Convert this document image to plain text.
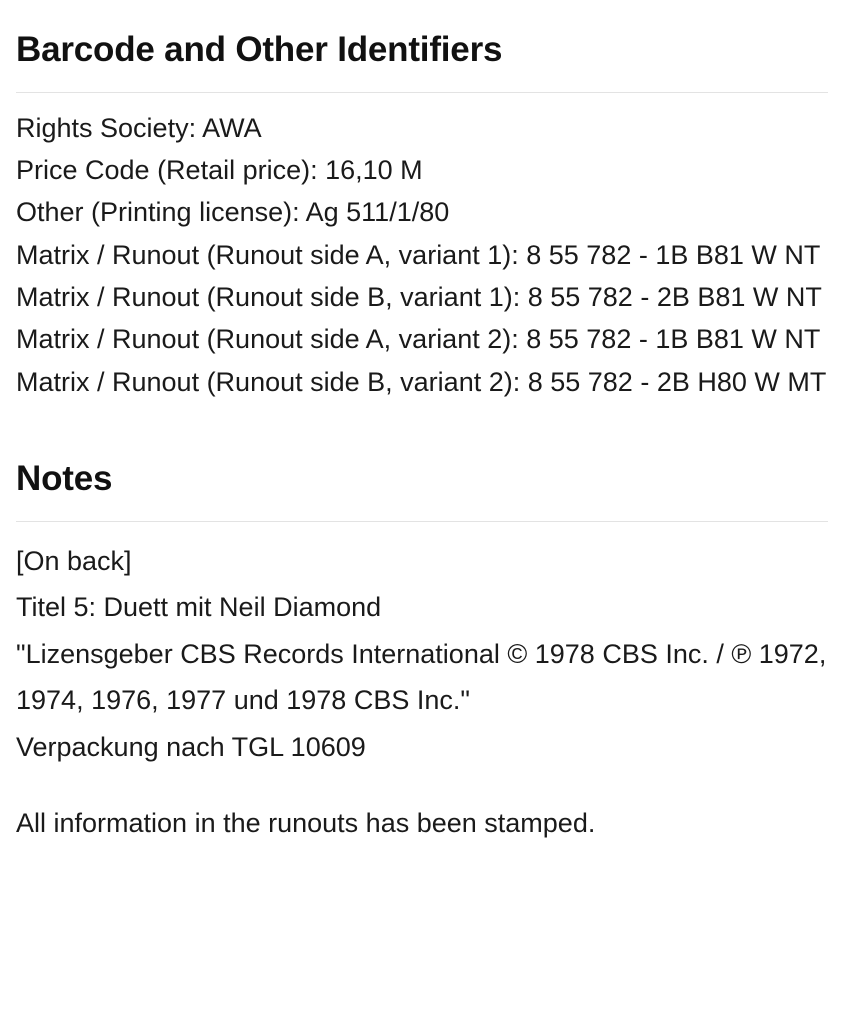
Barcode and Other Identifiers
Rights Society: AWA
Price Code (Retail price): 16,10 M
Other (Printing license): Ag 511/1/80
Matrix / Runout (Runout side A, variant 1): 8 55 782 - 1B B81 W NT
Matrix / Runout (Runout side B, variant 1): 8 55 782 - 2B B81 W NT
Matrix / Runout (Runout side A, variant 2): 8 55 782 - 1B B81 W NT
Matrix / Runout (Runout side B, variant 2): 8 55 782 - 2B H80 W MT
Notes

[On back]

Titel 5: Duett mit Neil Diamond

"Lizensgeber CBS Records International © 1978 CBS Inc. / ℗ 1972, 1974, 1976, 1977 und 1978 CBS Inc."

Verpackung nach TGL 10609

All information in the runouts has been stamped.
